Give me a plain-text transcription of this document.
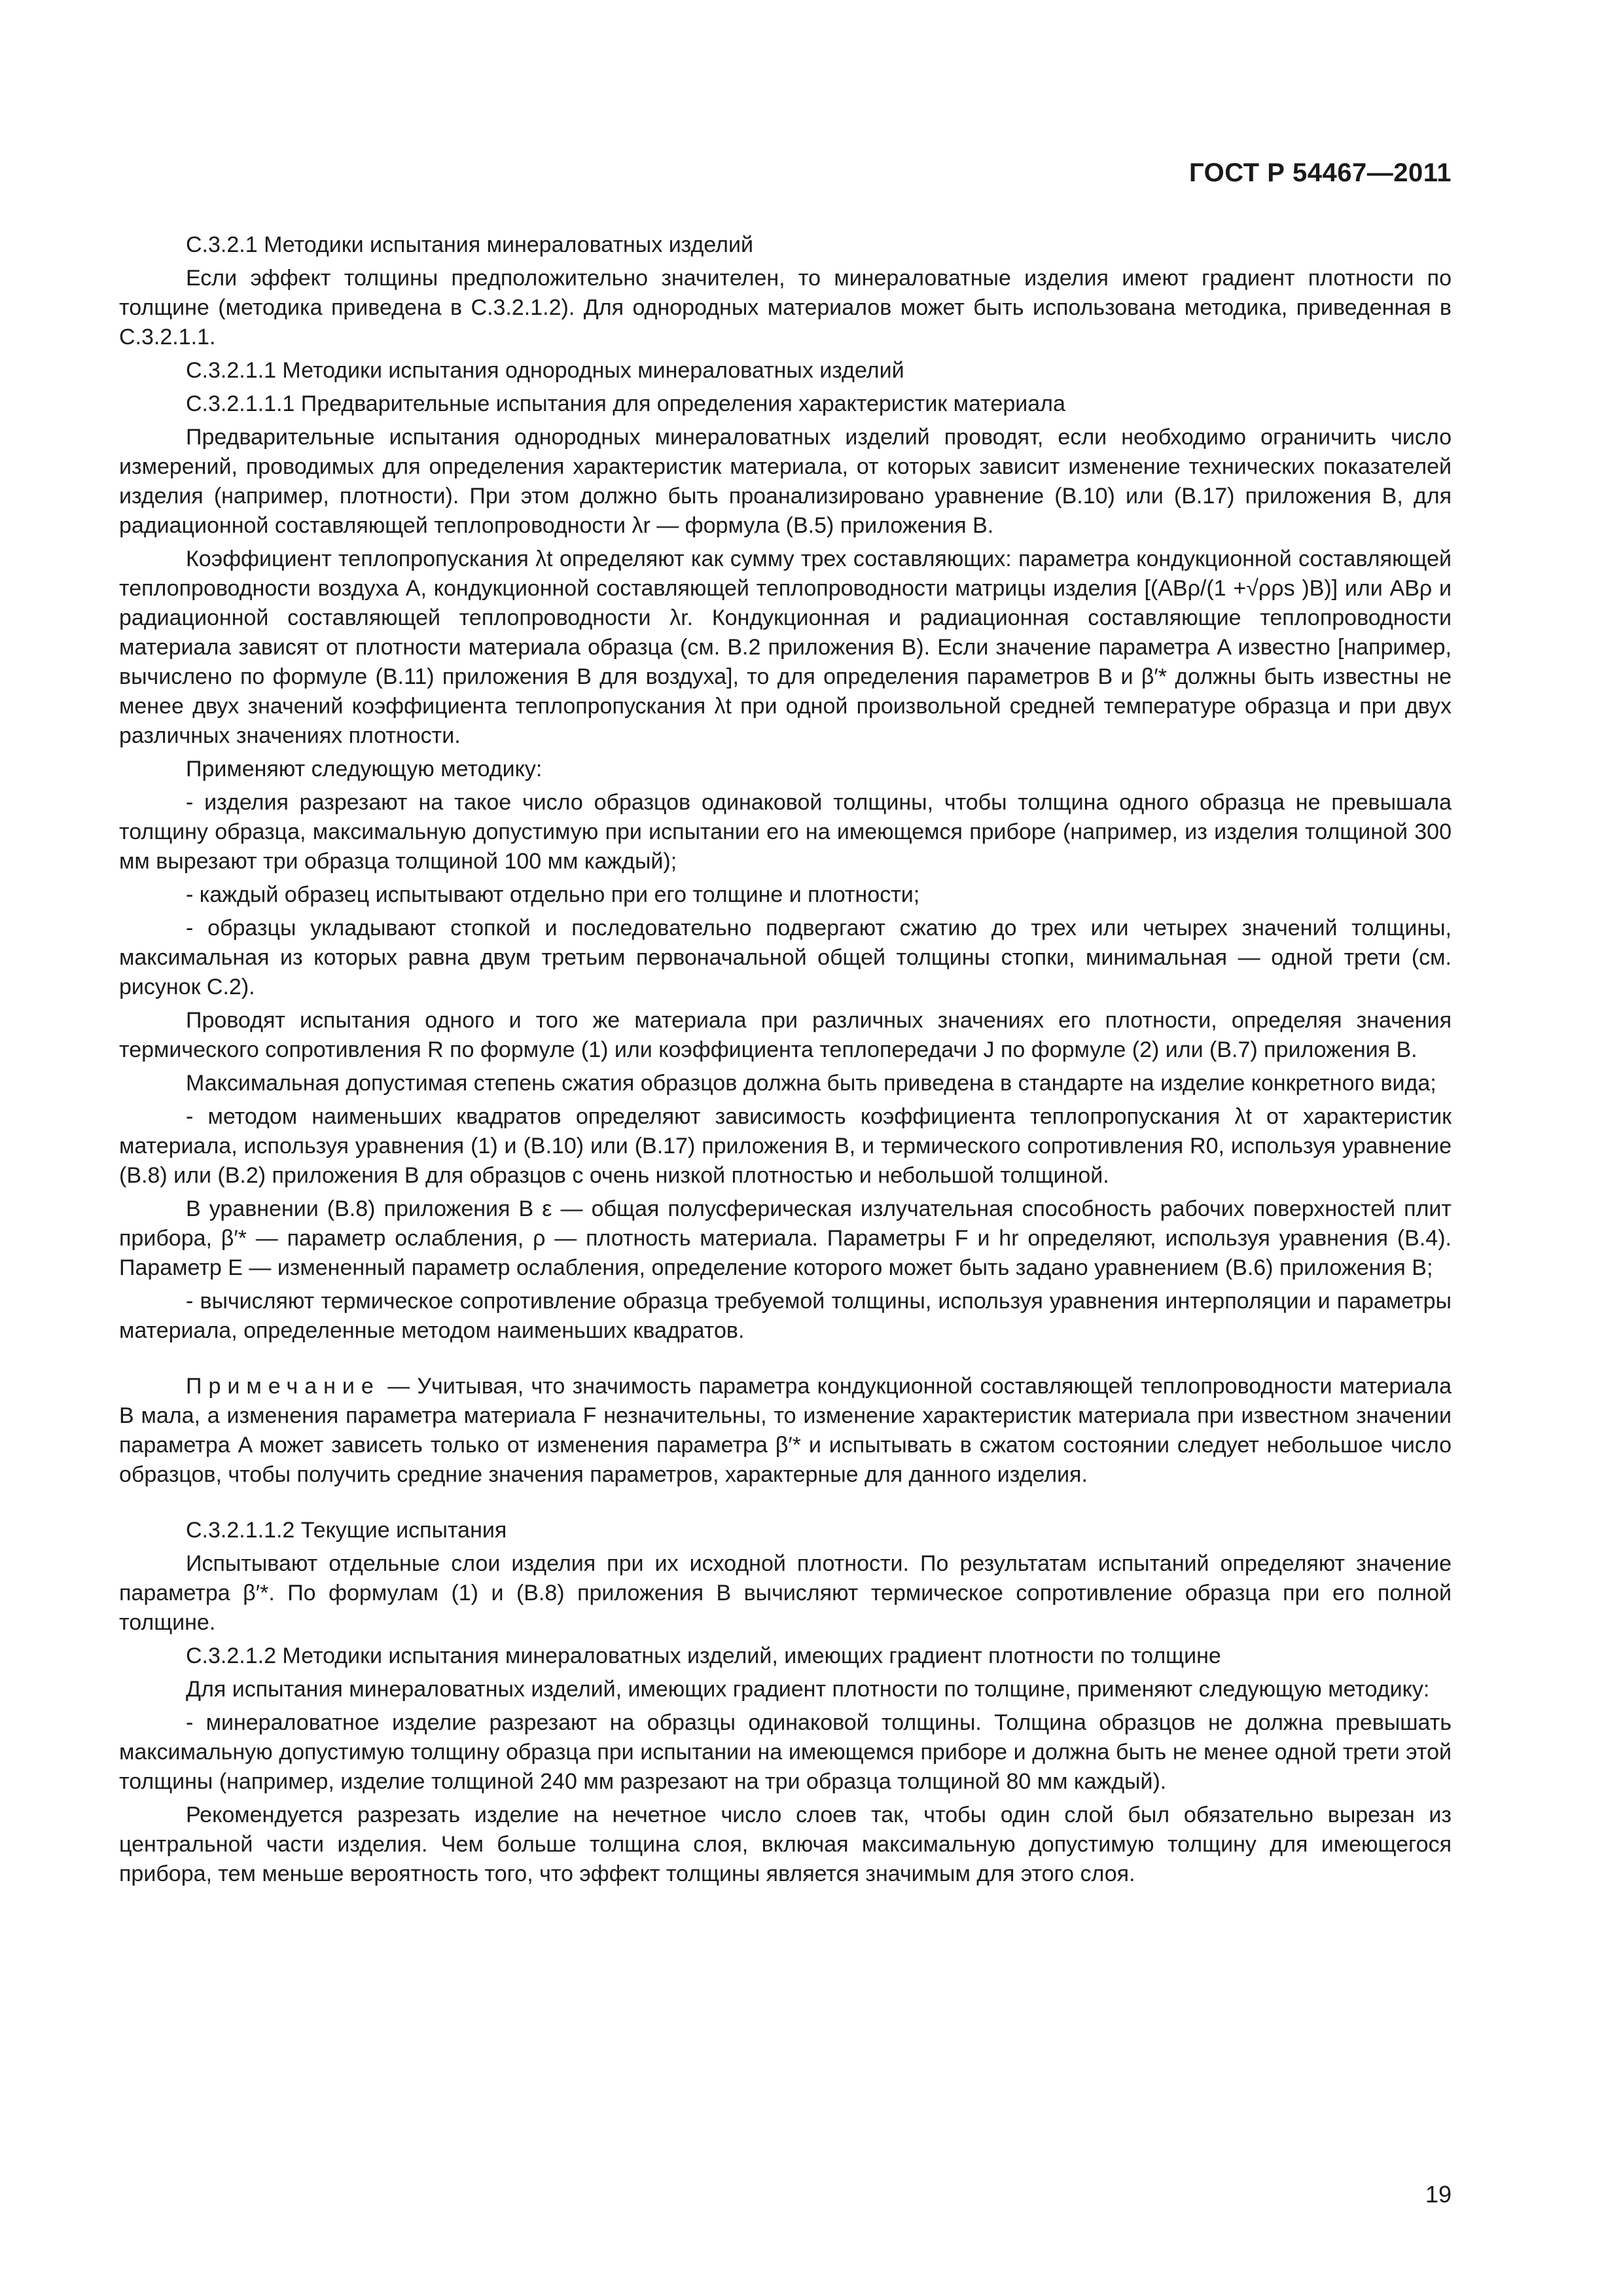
ГОСТ Р 54467—2011

С.3.2.1 Методики испытания минераловатных изделий

Если эффект толщины предположительно значителен, то минераловатные изделия имеют градиент плотности по толщине (методика приведена в С.3.2.1.2). Для однородных материалов может быть использована методика, приведенная в С.3.2.1.1.

С.3.2.1.1 Методики испытания однородных минераловатных изделий

С.3.2.1.1.1 Предварительные испытания для определения характеристик материала

Предварительные испытания однородных минераловатных изделий проводят, если необходимо ограничить число измерений, проводимых для определения характеристик материала, от которых зависит изменение технических показателей изделия (например, плотности). При этом должно быть проанализировано уравнение (В.10) или (В.17) приложения В, для радиационной составляющей теплопроводности λr — формула (В.5) приложения В.

Коэффициент теплопропускания λt определяют как сумму трех составляющих: параметра кондукционной составляющей теплопроводности воздуха A, кондукционной составляющей теплопроводности матрицы изделия [(ABρ/(1 +√ρρs )B)] или ABρ и радиационной составляющей теплопроводности λr. Кондукционная и радиационная составляющие теплопроводности материала зависят от плотности материала образца (см. В.2 приложения В). Если значение параметра A известно [например, вычислено по формуле (В.11) приложения В для воздуха], то для определения параметров B и β′* должны быть известны не менее двух значений коэффициента теплопропускания λt при одной произвольной средней температуре образца и при двух различных значениях плотности.

Применяют следующую методику:

- изделия разрезают на такое число образцов одинаковой толщины, чтобы толщина одного образца не превышала толщину образца, максимальную допустимую при испытании его на имеющемся приборе (например, из изделия толщиной 300 мм вырезают три образца толщиной 100 мм каждый);

- каждый образец испытывают отдельно при его толщине и плотности;

- образцы укладывают стопкой и последовательно подвергают сжатию до трех или четырех значений толщины, максимальная из которых равна двум третьим первоначальной общей толщины стопки, минимальная — одной трети (см. рисунок С.2).

Проводят испытания одного и того же материала при различных значениях его плотности, определяя значения термического сопротивления R по формуле (1) или коэффициента теплопередачи J по формуле (2) или (В.7) приложения В.

Максимальная допустимая степень сжатия образцов должна быть приведена в стандарте на изделие конкретного вида;

- методом наименьших квадратов определяют зависимость коэффициента теплопропускания λt от характеристик материала, используя уравнения (1) и (В.10) или (В.17) приложения В, и термического сопротивления R0, используя уравнение (В.8) или (В.2) приложения В для образцов с очень низкой плотностью и небольшой толщиной.

В уравнении (В.8) приложения В ε — общая полусферическая излучательная способность рабочих поверхностей плит прибора, β′* — параметр ослабления, ρ — плотность материала. Параметры F и hr определяют, используя уравнения (В.4). Параметр E — измененный параметр ослабления, определение которого может быть задано уравнением (В.6) приложения В;

- вычисляют термическое сопротивление образца требуемой толщины, используя уравнения интерполяции и параметры материала, определенные методом наименьших квадратов.

Примечание — Учитывая, что значимость параметра кондукционной составляющей теплопроводности материала B мала, а изменения параметра материала F незначительны, то изменение характеристик материала при известном значении параметра A может зависеть только от изменения параметра β′* и испытывать в сжатом состоянии следует небольшое число образцов, чтобы получить средние значения параметров, характерные для данного изделия.

С.3.2.1.1.2 Текущие испытания

Испытывают отдельные слои изделия при их исходной плотности. По результатам испытаний определяют значение параметра β′*. По формулам (1) и (В.8) приложения В вычисляют термическое сопротивление образца при его полной толщине.

С.3.2.1.2 Методики испытания минераловатных изделий, имеющих градиент плотности по толщине

Для испытания минераловатных изделий, имеющих градиент плотности по толщине, применяют следующую методику:

- минераловатное изделие разрезают на образцы одинаковой толщины. Толщина образцов не должна превышать максимальную допустимую толщину образца при испытании на имеющемся приборе и должна быть не менее одной трети этой толщины (например, изделие толщиной 240 мм разрезают на три образца толщиной 80 мм каждый).

Рекомендуется разрезать изделие на нечетное число слоев так, чтобы один слой был обязательно вырезан из центральной части изделия. Чем больше толщина слоя, включая максимальную допустимую толщину для имеющегося прибора, тем меньше вероятность того, что эффект толщины является значимым для этого слоя.

19
